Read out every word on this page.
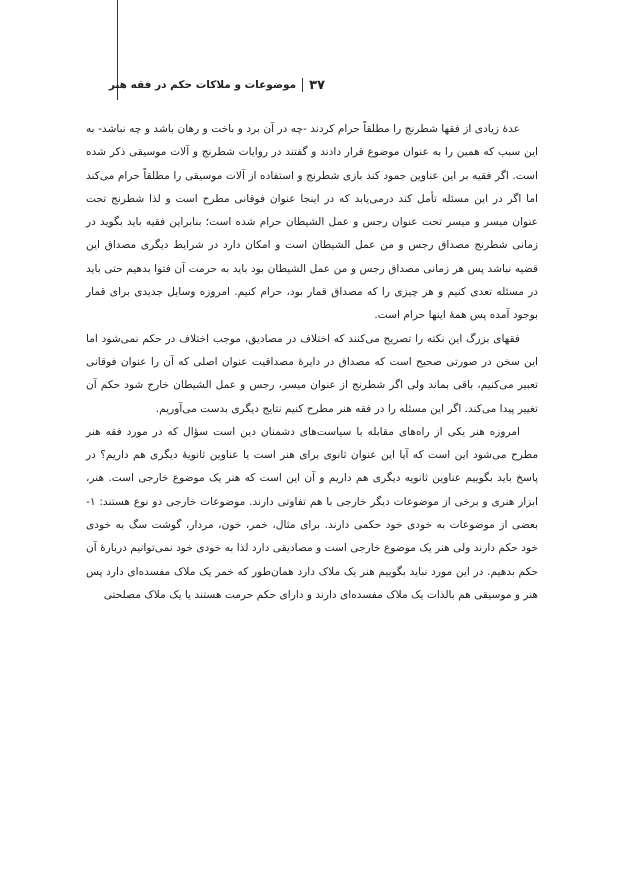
۳۷
موضوعات و ملاکات حکم در فقه هنر

عدهٔ زیادی از فقها شطرنج را مطلقاً حرام کردند -چه در آن برد و باخت و رهان باشد و چه نباشد- به این سبب که همین را به عنوان موضوع قرار دادند و گفتند در روایات شطرنج و آلات موسیقی ذکر شده است. اگر فقیه بر این عناوین جمود کند بازی شطرنج و استفاده از آلات موسیقی را مطلقاً حرام می‌کند اما اگر در این مسئله تأمل کند درمی‌یابد که در اینجا عنوان فوقانی مطرح است و لذا شطرنج تحت عنوان میسر و میسر تحت عنوان رجس و عمل الشیطان حرام شده است؛ بنابراین فقیه باید بگوید در زمانی شطرنج مصداق رجس و من عمل الشیطان است و امکان دارد در شرایط دیگری مصداق این قضیه نباشد پس هر زمانی مصداق رجس و من عمل الشیطان بود باید به حرمت آن فتوا بدهیم حتی باید در مسئله تعدی کنیم و هر چیزی را که مصداق قمار بود، حرام کنیم. امروزه وسایل جدیدی برای قمار بوجود آمده پس همهٔ اینها حرام است.

فقهای بزرگ این نکته را تصریح می‌کنند که اختلاف در مصادیق، موجب اختلاف در حکم نمی‌شود اما این سخن در صورتی صحیح است که مصداق در دایرهٔ مصداقیت عنوان اصلی که آن را عنوان فوقانی تعبیر می‌کنیم، باقی بماند ولی اگر شطرنج از عنوان میسر، رجس و عمل الشیطان خارج شود حکم آن تغییر پیدا می‌کند. اگر این مسئله را در فقه هنر مطرح کنیم نتایج دیگری بدست می‌آوریم.

امروزه هنر یکی از راه‌های مقابله با سیاست‌های دشمنان دین است سؤال که در مورد فقه هنر مطرح می‌شود این است که آیا این عنوان ثانوی برای هنر است یا عناوین ثانویهٔ دیگری هم داریم؟ در پاسخ باید بگوییم عناوین ثانویه دیگری هم داریم و آن این است که هنر یک موضوع خارجی است. هنر، ابزار هنری و برخی از موضوعات دیگر خارجی با هم تفاوتی دارند. موضوعات خارجی دو نوع هستند: ۱- بعضی از موضوعات به خودی خود حکمی دارند. برای مثال، خمر، خون، مردار، گوشت سگ به خودی خود حکم دارند ولی هنر یک موضوع خارجی است و مصادیقی دارد لذا به خودی خود نمی‌توانیم دربارهٔ آن حکم بدهیم. در این مورد نباید بگوییم هنر یک ملاک دارد همان‌طور که خمر یک ملاک مفسده‌ای دارد پس هنر و موسیقی هم بالذات یک ملاک مفسده‌ای دارند و دارای حکم حرمت هستند یا یک ملاک مصلحتی
